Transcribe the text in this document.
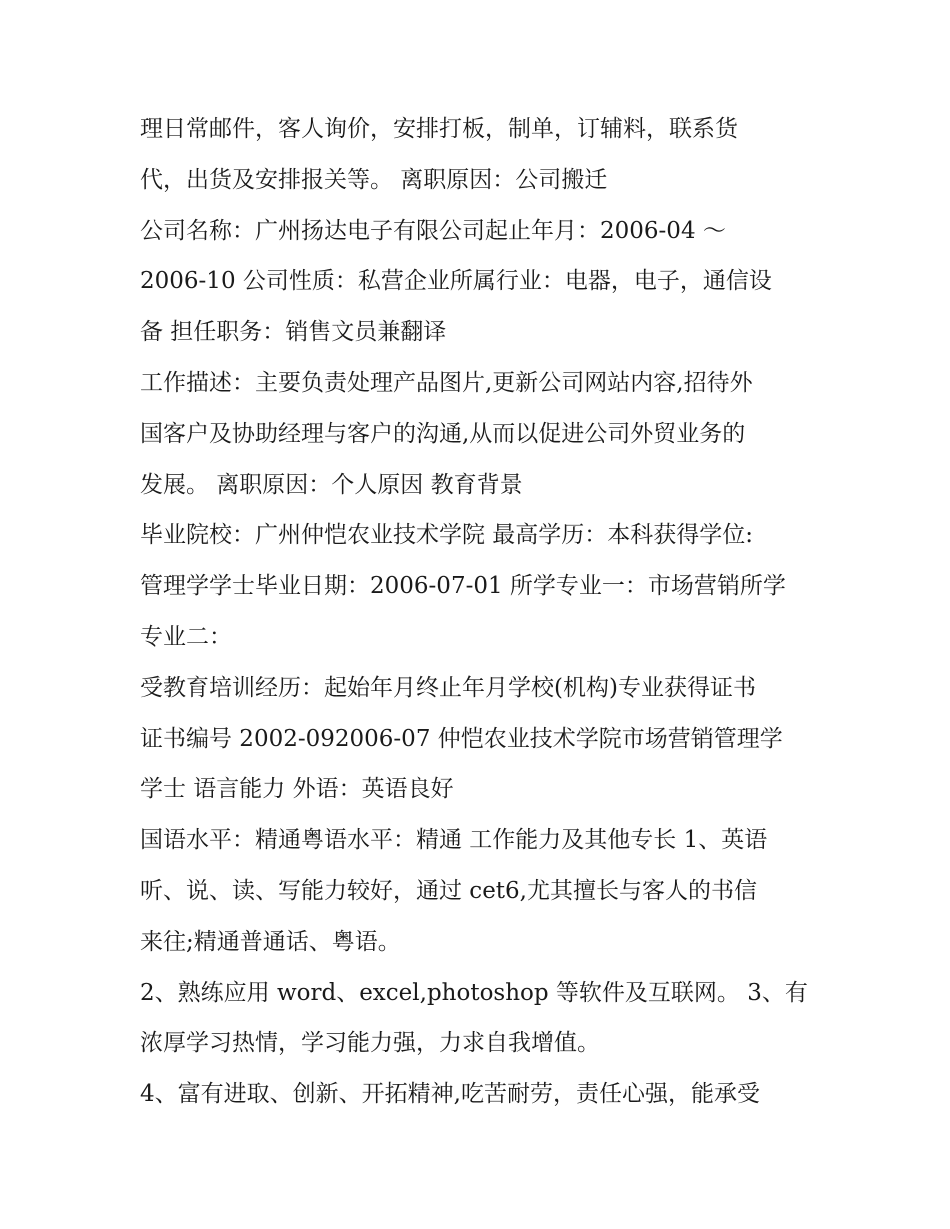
理日常邮件，客人询价，安排打板，制单，订辅料，联系货
代，出货及安排报关等。 离职原因：公司搬迁
公司名称：广州扬达电子有限公司起止年月：2006-04 ～
2006-10 公司性质：私营企业所属行业：电器，电子，通信设
备 担任职务：销售文员兼翻译
工作描述：主要负责处理产品图片,更新公司网站内容,招待外
国客户及协助经理与客户的沟通,从而以促进公司外贸业务的
发展。 离职原因：个人原因 教育背景
毕业院校：广州仲恺农业技术学院 最高学历：本科获得学位:
管理学学士毕业日期：2006-07-01 所学专业一：市场营销所学
专业二：
受教育培训经历：起始年月终止年月学校(机构)专业获得证书
证书编号 2002-092006-07 仲恺农业技术学院市场营销管理学
学士 语言能力 外语：英语良好
国语水平：精通粤语水平：精通 工作能力及其他专长 1、英语
听、说、读、写能力较好，通过 cet6,尤其擅长与客人的书信
来往;精通普通话、粤语。
2、熟练应用 word、excel,photoshop 等软件及互联网。 3、有
浓厚学习热情，学习能力强，力求自我增值。
4、富有进取、创新、开拓精神,吃苦耐劳，责任心强，能承受
